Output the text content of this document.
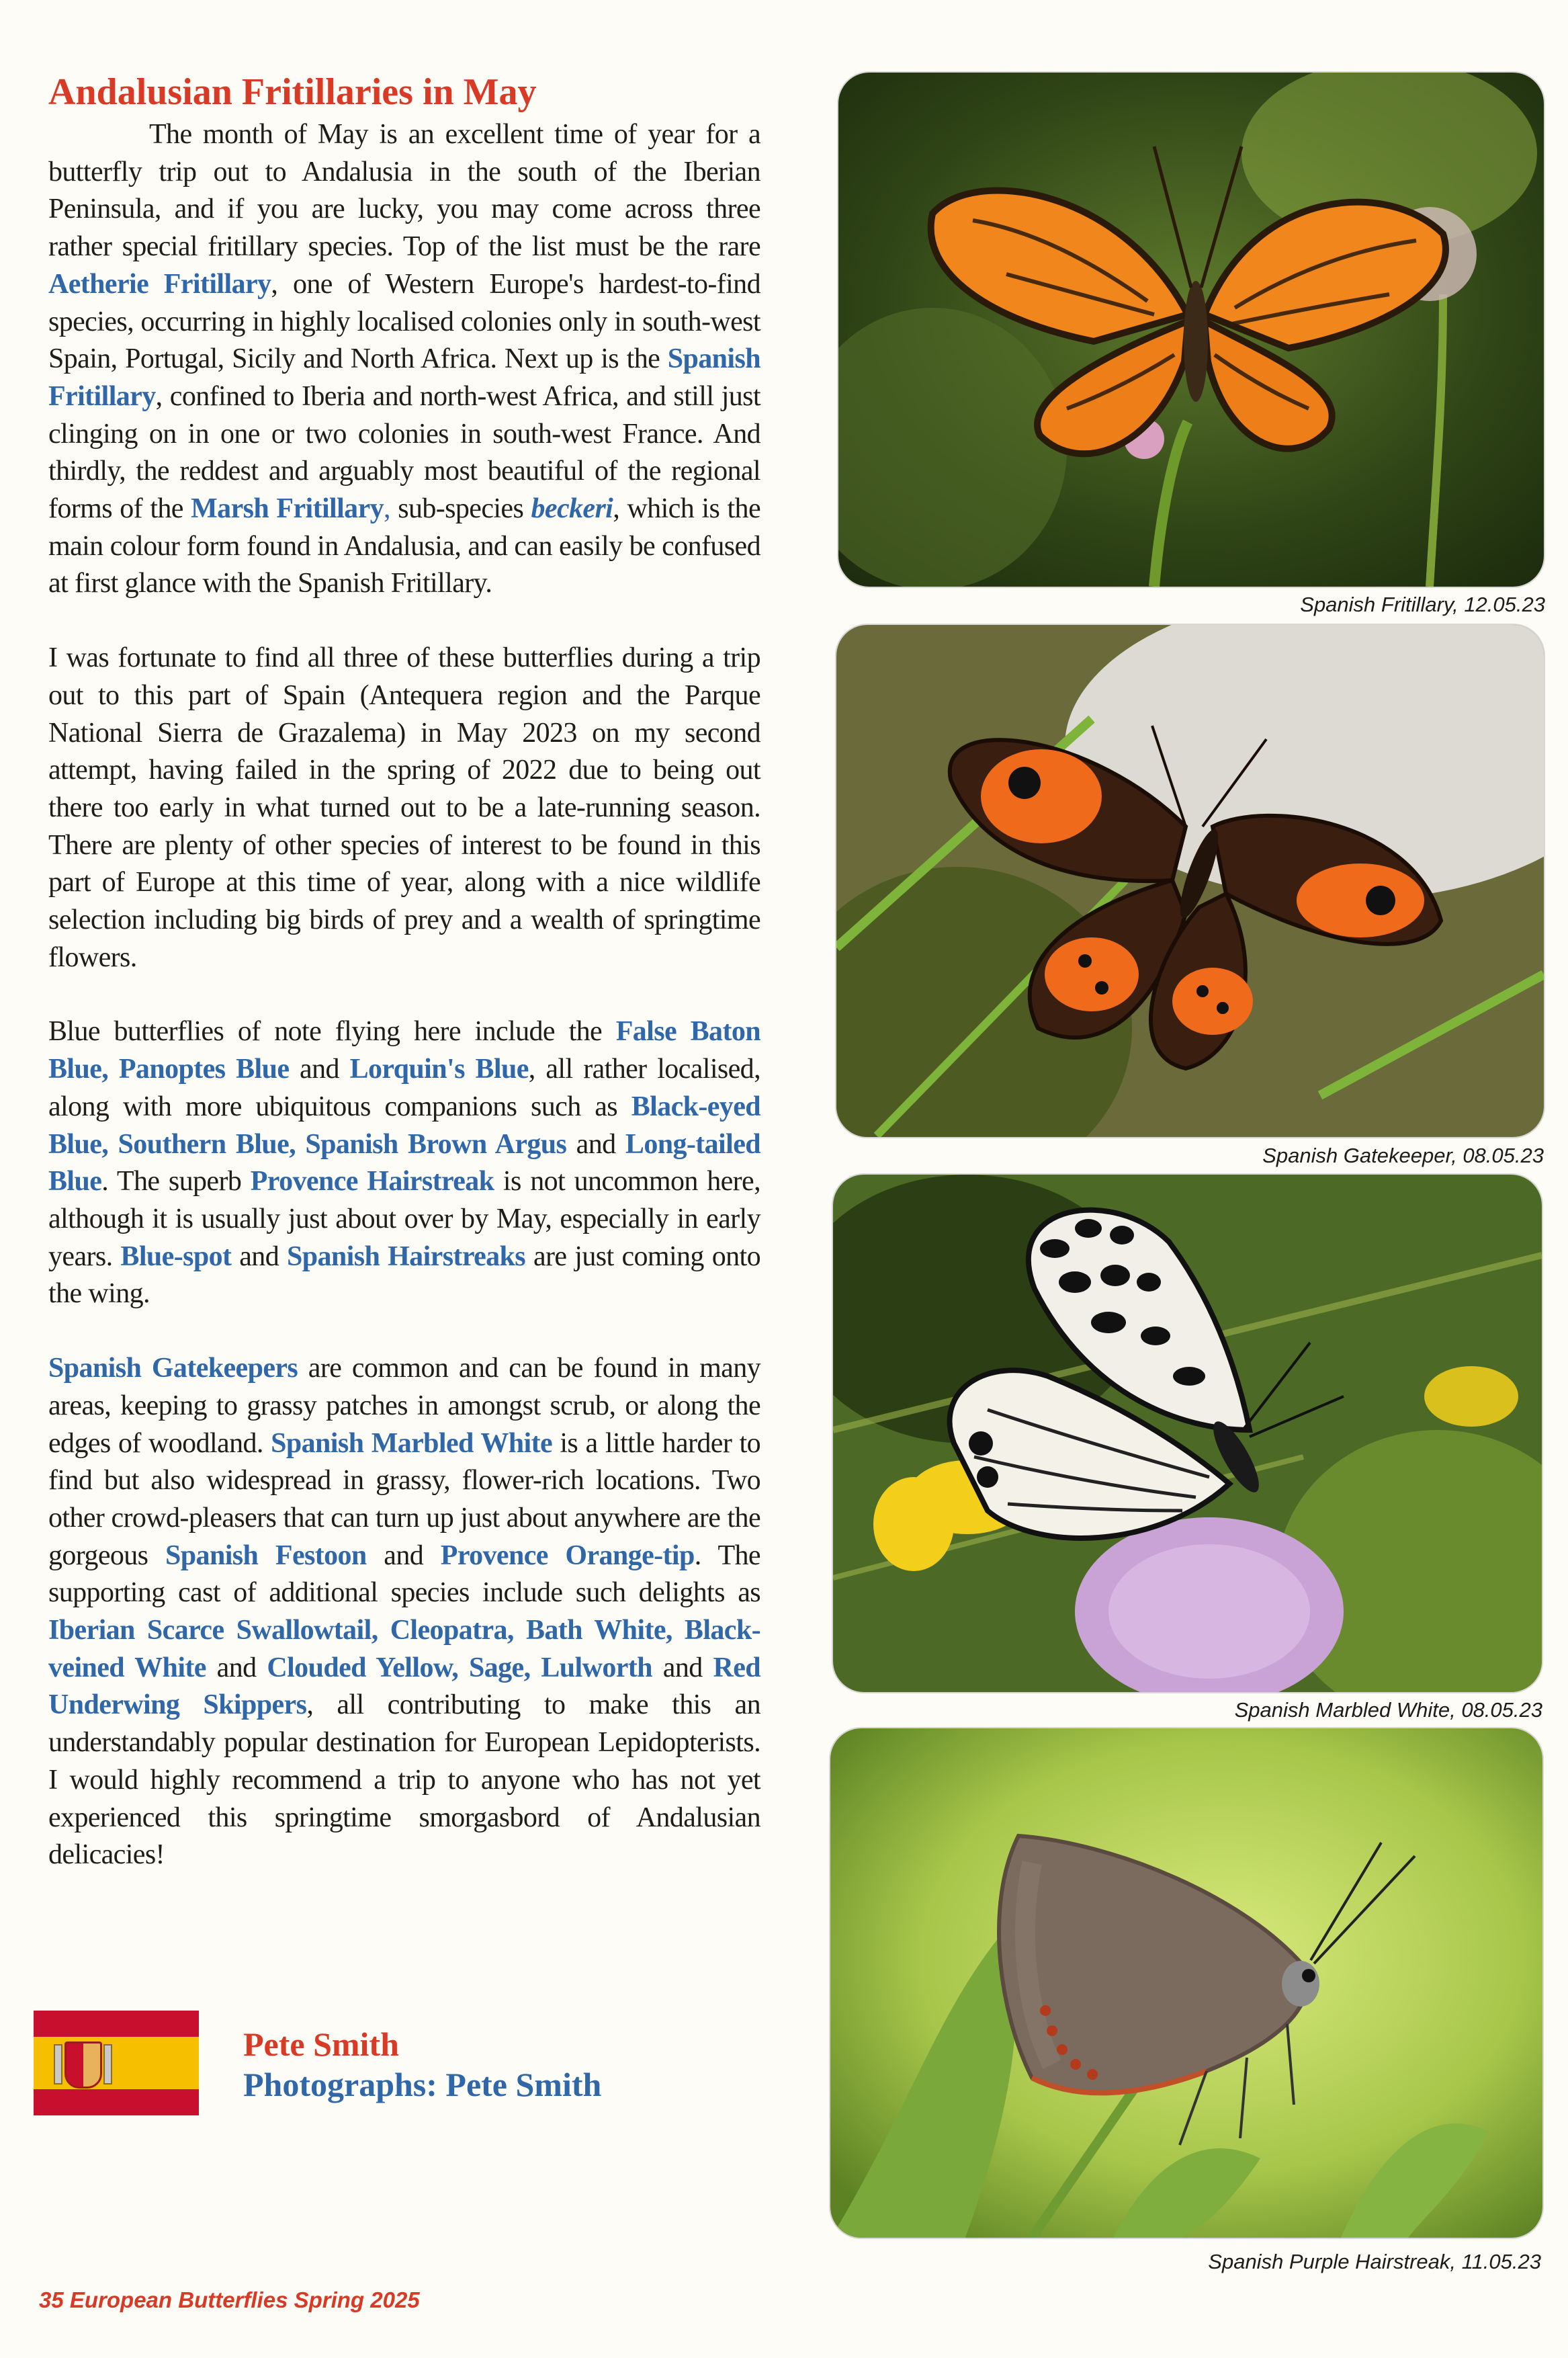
Andalusian Fritillaries in May

The month of May is an excellent time of year for a butterfly trip out to Andalusia in the south of the Iberian Peninsula, and if you are lucky, you may come across three rather special fritillary species. Top of the list must be the rare Aetherie Fritillary, one of Western Europe's hardest-to-find species, occurring in highly localised colonies only in south-west Spain, Portugal, Sicily and North Africa. Next up is the Spanish Fritillary, confined to Iberia and north-west Africa, and still just clinging on in one or two colonies in south-west France. And thirdly, the reddest and arguably most beautiful of the regional forms of the Marsh Fritillary, sub-species beckeri, which is the main colour form found in Andalusia, and can easily be confused at first glance with the Spanish Fritillary.

I was fortunate to find all three of these butterflies during a trip out to this part of Spain (Antequera region and the Parque National Sierra de Grazalema) in May 2023 on my second attempt, having failed in the spring of 2022 due to being out there too early in what turned out to be a late-running season. There are plenty of other species of interest to be found in this part of Europe at this time of year, along with a nice wildlife selection including big birds of prey and a wealth of springtime flowers.

Blue butterflies of note flying here include the False Baton Blue, Panoptes Blue and Lorquin's Blue, all rather localised, along with more ubiquitous companions such as Black-eyed Blue, Southern Blue, Spanish Brown Argus and Long-tailed Blue. The superb Provence Hairstreak is not uncommon here, although it is usually just about over by May, especially in early years. Blue-spot and Spanish Hairstreaks are just coming onto the wing.

Spanish Gatekeepers are common and can be found in many areas, keeping to grassy patches in amongst scrub, or along the edges of woodland. Spanish Marbled White is a little harder to find but also widespread in grassy, flower-rich locations. Two other crowd-pleasers that can turn up just about anywhere are the gorgeous Spanish Festoon and Provence Orange-tip. The supporting cast of additional species include such delights as Iberian Scarce Swallowtail, Cleopatra, Bath White, Black-veined White and Clouded Yellow, Sage, Lulworth and Red Underwing Skippers, all contributing to make this an understandably popular destination for European Lepidopterists. I would highly recommend a trip to anyone who has not yet experienced this springtime smorgasbord of Andalusian delicacies!

Pete Smith
Photographs: Pete Smith
Spanish Fritillary, 12.05.23
Spanish Gatekeeper, 08.05.23
Spanish Marbled White, 08.05.23
Spanish Purple Hairstreak, 11.05.23
35 European Butterflies Spring 2025
